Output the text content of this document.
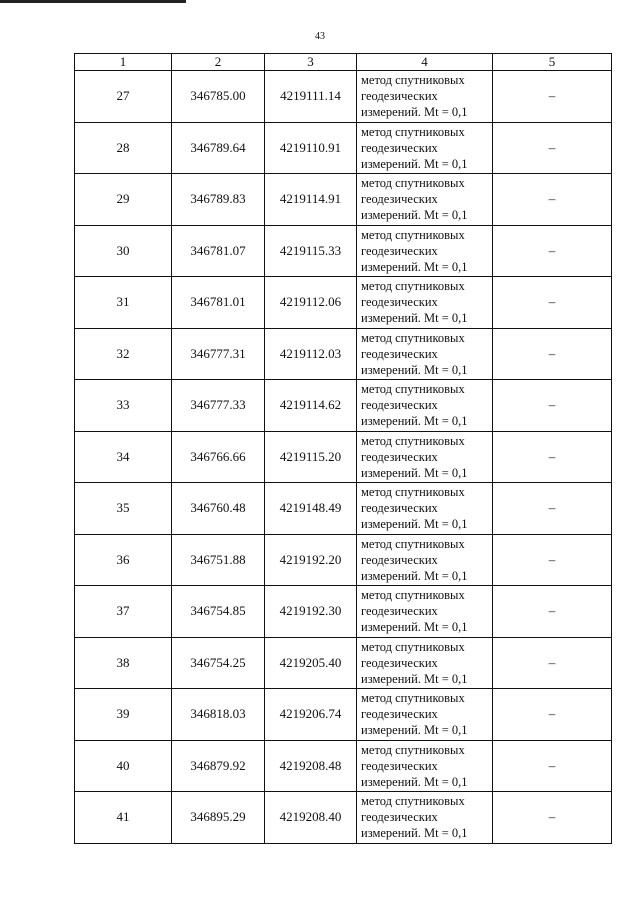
43
1	2	3	4	5
27	346785.00	4219111.14	метод спутниковых
геодезических
измерений. Mt = 0,1	–
28	346789.64	4219110.91	метод спутниковых
геодезических
измерений. Mt = 0,1	–
29	346789.83	4219114.91	метод спутниковых
геодезических
измерений. Mt = 0,1	–
30	346781.07	4219115.33	метод спутниковых
геодезических
измерений. Mt = 0,1	–
31	346781.01	4219112.06	метод спутниковых
геодезических
измерений. Mt = 0,1	–
32	346777.31	4219112.03	метод спутниковых
геодезических
измерений. Mt = 0,1	–
33	346777.33	4219114.62	метод спутниковых
геодезических
измерений. Mt = 0,1	–
34	346766.66	4219115.20	метод спутниковых
геодезических
измерений. Mt = 0,1	–
35	346760.48	4219148.49	метод спутниковых
геодезических
измерений. Mt = 0,1	–
36	346751.88	4219192.20	метод спутниковых
геодезических
измерений. Mt = 0,1	–
37	346754.85	4219192.30	метод спутниковых
геодезических
измерений. Mt = 0,1	–
38	346754.25	4219205.40	метод спутниковых
геодезических
измерений. Mt = 0,1	–
39	346818.03	4219206.74	метод спутниковых
геодезических
измерений. Mt = 0,1	–
40	346879.92	4219208.48	метод спутниковых
геодезических
измерений. Mt = 0,1	–
41	346895.29	4219208.40	метод спутниковых
геодезических
измерений. Mt = 0,1	–
